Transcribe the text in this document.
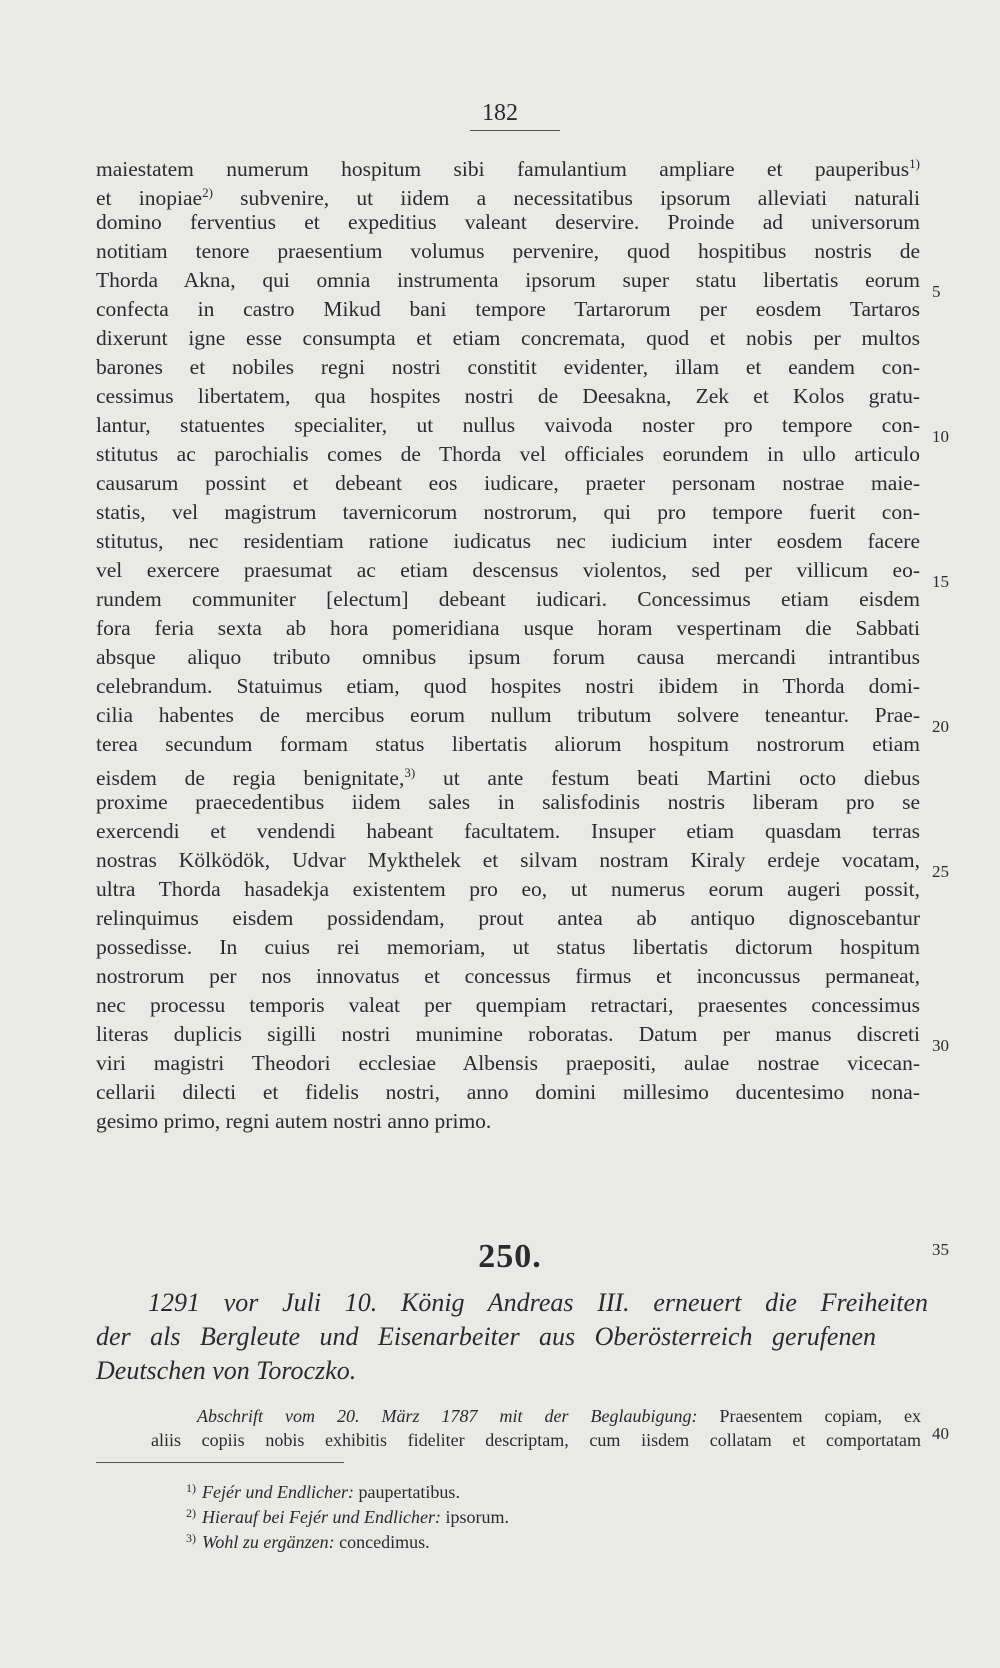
182
maiestatem numerum hospitum sibi famulantium ampliare et pauperibus$^{1)}$
et inopiae$^{2)}$ subvenire, ut iidem a necessitatibus ipsorum alleviati naturali
domino ferventius et expeditius valeant deservire. Proinde ad universorum
notitiam tenore praesentium volumus pervenire, quod hospitibus nostris de
Thorda Akna, qui omnia instrumenta ipsorum super statu libertatis eorum
confecta in castro Mikud bani tempore Tartarorum per eosdem Tartaros
dixerunt igne esse consumpta et etiam concremata, quod et nobis per multos
barones et nobiles regni nostri constitit evidenter, illam et eandem con-
cessimus libertatem, qua hospites nostri de Deesakna, Zek et Kolos gratu-
lantur, statuentes specialiter, ut nullus vaivoda noster pro tempore con-
stitutus ac parochialis comes de Thorda vel officiales eorundem in ullo articulo
causarum possint et debeant eos iudicare, praeter personam nostrae maie-
statis, vel magistrum tavernicorum nostrorum, qui pro tempore fuerit con-
stitutus, nec residentiam ratione iudicatus nec iudicium inter eosdem facere
vel exercere praesumat ac etiam descensus violentos, sed per villicum eo-
rundem communiter [electum] debeant iudicari. Concessimus etiam eisdem
fora feria sexta ab hora pomeridiana usque horam vespertinam die Sabbati
absque aliquo tributo omnibus ipsum forum causa mercandi intrantibus
celebrandum. Statuimus etiam, quod hospites nostri ibidem in Thorda domi-
cilia habentes de mercibus eorum nullum tributum solvere teneantur. Prae-
terea secundum formam status libertatis aliorum hospitum nostrorum etiam
eisdem de regia benignitate,$^{3)}$ ut ante festum beati Martini octo diebus
proxime praecedentibus iidem sales in salisfodinis nostris liberam pro se
exercendi et vendendi habeant facultatem. Insuper etiam quasdam terras
nostras Kölködök, Udvar Mykthelek et silvam nostram Kiraly erdeje vocatam,
ultra Thorda hasadekja existentem pro eo, ut numerus eorum augeri possit,
relinquimus eisdem possidendam, prout antea ab antiquo dignoscebantur
possedisse. In cuius rei memoriam, ut status libertatis dictorum hospitum
nostrorum per nos innovatus et concessus firmus et inconcussus permaneat,
nec processu temporis valeat per quempiam retractari, praesentes concessimus
literas duplicis sigilli nostri munimine roboratas. Datum per manus discreti
viri magistri Theodori ecclesiae Albensis praepositi, aulae nostrae vicecan-
cellarii dilecti et fidelis nostri, anno domini millesimo ducentesimo nona-
gesimo primo, regni autem nostri anno primo.
5
10
15
20
25
30
35
40
250.
1291 vor Juli 10. König Andreas III. erneuert die Freiheiten
der als Bergleute und Eisenarbeiter aus Oberösterreich gerufenen
Deutschen von Toroczko.
Abschrift vom 20. März 1787 mit der Beglaubigung: Praesentem copiam, ex
aliis copiis nobis exhibitis fideliter descriptam, cum iisdem collatam et comportatam
$^{1)}$ Fejér und Endlicher: paupertatibus.
$^{2)}$ Hierauf bei Fejér und Endlicher: ipsorum.
$^{3)}$ Wohl zu ergänzen: concedimus.
